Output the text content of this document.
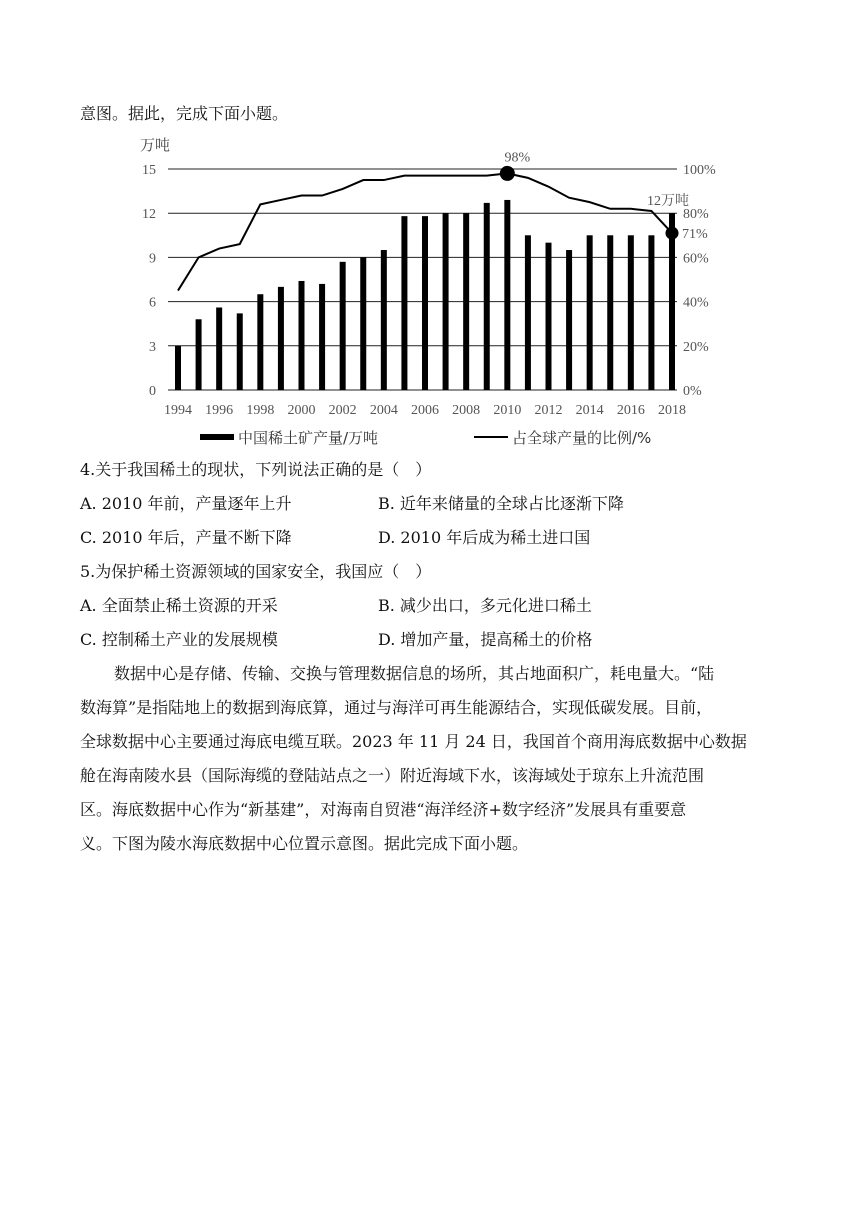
意图。据此，完成下面小题。
万吨
0
3
6
9
12
15
0%
20%
40%
60%
80%
100%
1994 1996 1998 2000 2002 2004 2006 2008 2010 2012 2014 2016 2018
98%
12万吨
71%
中国稀土矿产量/万吨	占全球产量的比例/%
4.关于我国稀土的现状，下列说法正确的是（　）
A. 2010 年前，产量逐年上升	B. 近年来储量的全球占比逐渐下降
C. 2010 年后，产量不断下降	D. 2010 年后成为稀土进口国
5.为保护稀土资源领域的国家安全，我国应（　）
A. 全面禁止稀土资源的开采	B. 减少出口，多元化进口稀土
C. 控制稀土产业的发展规模	D. 增加产量，提高稀土的价格
数据中心是存储、传输、交换与管理数据信息的场所，其占地面积广，耗电量大。“陆
数海算”是指陆地上的数据到海底算，通过与海洋可再生能源结合，实现低碳发展。目前，
全球数据中心主要通过海底电缆互联。2023 年 11 月 24 日，我国首个商用海底数据中心数据
舱在海南陵水县（国际海缆的登陆站点之一）附近海域下水，该海域处于琼东上升流范围
区。海底数据中心作为“新基建”，对海南自贸港“海洋经济+数字经济”发展具有重要意
义。下图为陵水海底数据中心位置示意图。据此完成下面小题。
